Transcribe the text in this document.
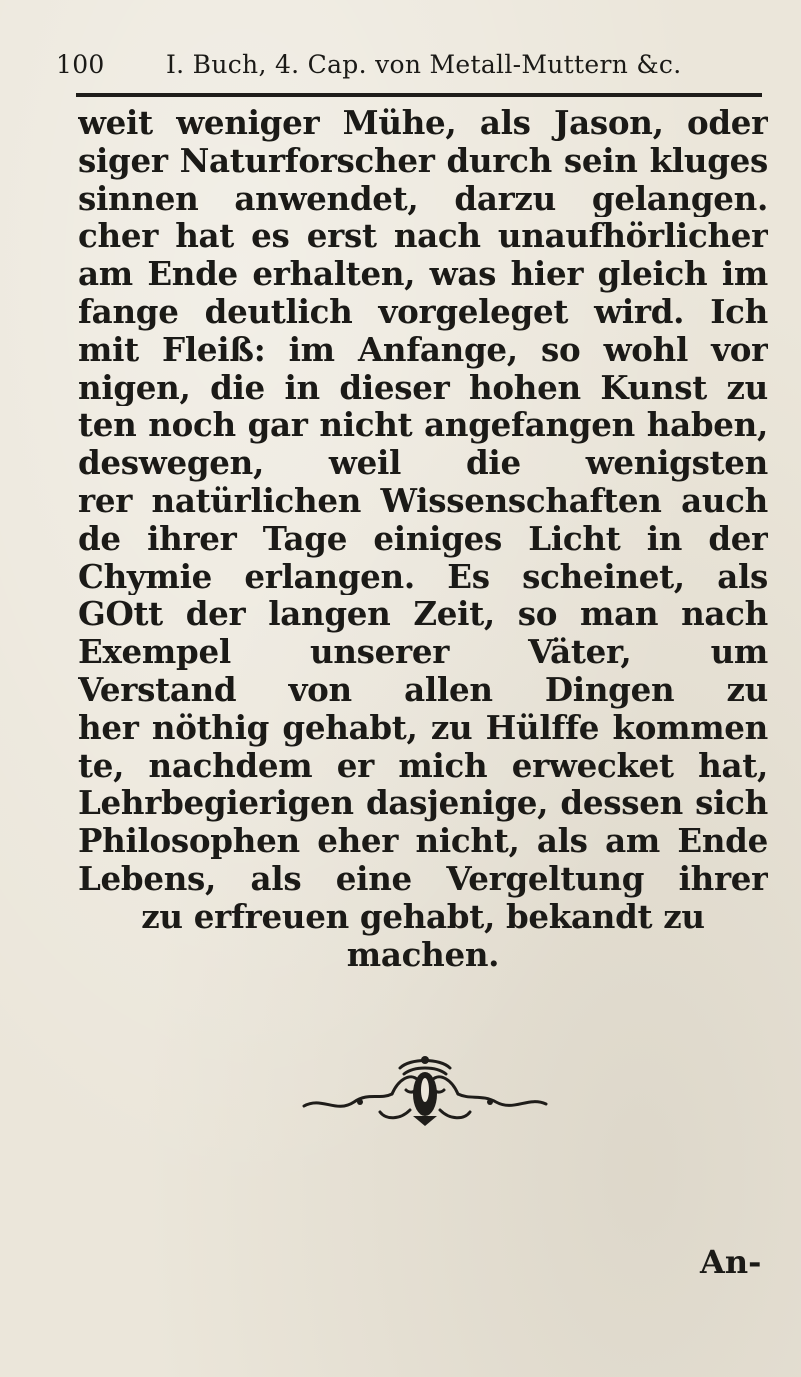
100 I. Buch, 4. Cap. von Metall-Muttern &c.
weit weniger Mühe, als Jason, oder
siger Naturforscher durch sein kluges
sinnen anwendet, darzu gelangen.
cher hat es erst nach unaufhörlicher
am Ende erhalten, was hier gleich im
fange deutlich vorgeleget wird. Ich
mit Fleiß: im Anfange, so wohl vor
nigen, die in dieser hohen Kunst zu
ten noch gar nicht angefangen haben,
deswegen, weil die wenigsten
rer natürlichen Wissenschaften auch
de ihrer Tage einiges Licht in der
Chymie erlangen. Es scheinet, als
GOtt der langen Zeit, so man nach
Exempel unserer Väter, um
Verstand von allen Dingen zu
her nöthig gehabt, zu Hülffe kommen
te, nachdem er mich erwecket hat,
Lehrbegierigen dasjenige, dessen sich
Philosophen eher nicht, als am Ende
Lebens, als eine Vergeltung ihrer
zu erfreuen gehabt, bekandt zu
machen.
An-
